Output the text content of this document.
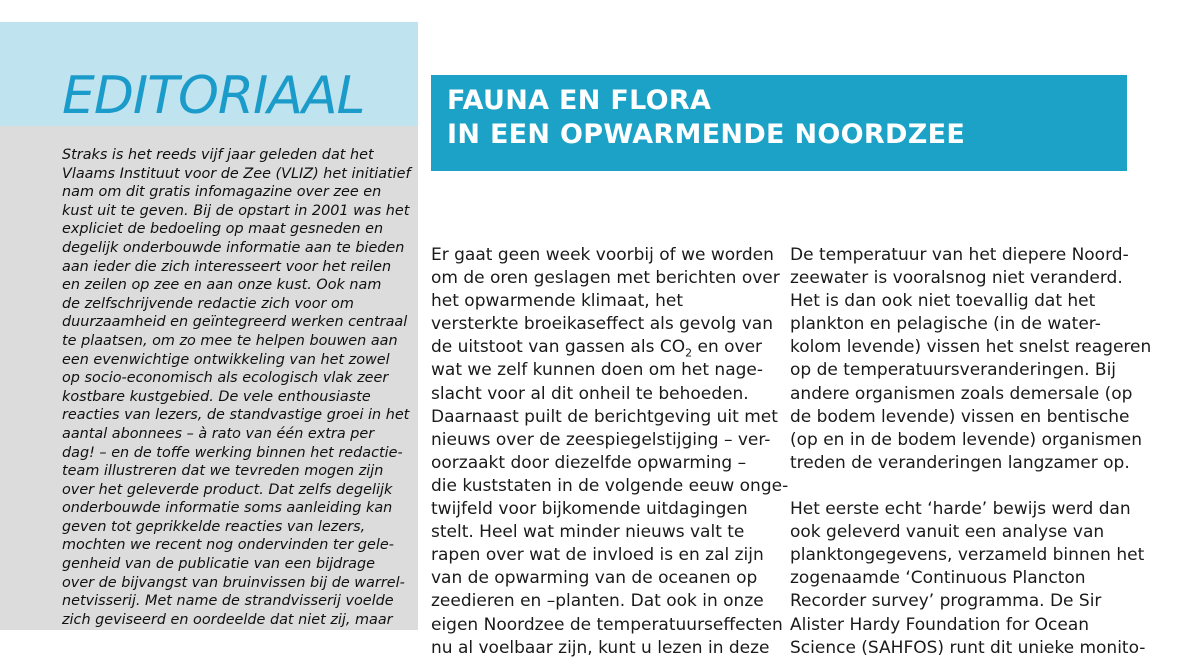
EDITORIAAL
Straks is het reeds vijf jaar geleden dat het
Vlaams Instituut voor de Zee (VLIZ) het initiatief
nam om dit gratis infomagazine over zee en
kust uit te geven. Bij de opstart in 2001 was het
expliciet de bedoeling op maat gesneden en
degelijk onderbouwde informatie aan te bieden
aan ieder die zich interesseert voor het reilen
en zeilen op zee en aan onze kust. Ook nam
de zelfschrijvende redactie zich voor om
duurzaamheid en geïntegreerd werken centraal
te plaatsen, om zo mee te helpen bouwen aan
een evenwichtige ontwikkeling van het zowel
op socio-economisch als ecologisch vlak zeer
kostbare kustgebied. De vele enthousiaste
reacties van lezers, de standvastige groei in het
aantal abonnees – à rato van één extra per
dag! – en de toffe werking binnen het redactie-
team illustreren dat we tevreden mogen zijn
over het geleverde product. Dat zelfs degelijk
onderbouwde informatie soms aanleiding kan
geven tot geprikkelde reacties van lezers,
mochten we recent nog ondervinden ter gele-
genheid van de publicatie van een bijdrage
over de bijvangst van bruinvissen bij de warrel-
netvisserij. Met name de strandvisserij voelde
zich geviseerd en oordeelde dat niet zij, maar
FAUNA EN FLORA
IN EEN OPWARMENDE NOORDZEE
Er gaat geen week voorbij of we worden
om de oren geslagen met berichten over
het opwarmende klimaat, het
versterkte broeikaseffect als gevolg van
de uitstoot van gassen als $CO_2$ en over
wat we zelf kunnen doen om het nage-
slacht voor al dit onheil te behoeden.
Daarnaast puilt de berichtgeving uit met
nieuws over de zeespiegelstijging – ver-
oorzaakt door diezelfde opwarming –
die kuststaten in de volgende eeuw onge-
twijfeld voor bijkomende uitdagingen
stelt. Heel wat minder nieuws valt te
rapen over wat de invloed is en zal zijn
van de opwarming van de oceanen op
zeedieren en –planten. Dat ook in onze
eigen Noordzee de temperatuurseffecten
nu al voelbaar zijn, kunt u lezen in deze
De temperatuur van het diepere Noord-
zeewater is vooralsnog niet veranderd.
Het is dan ook niet toevallig dat het
plankton en pelagische (in de water-
kolom levende) vissen het snelst reageren
op de temperatuursveranderingen. Bij
andere organismen zoals demersale (op
de bodem levende) vissen en bentische
(op en in de bodem levende) organismen
treden de veranderingen langzamer op.
Het eerste echt ‘harde’ bewijs werd dan
ook geleverd vanuit een analyse van
planktongegevens, verzameld binnen het
zogenaamde ‘Continuous Plancton
Recorder survey’ programma. De Sir
Alister Hardy Foundation for Ocean
Science (SAHFOS) runt dit unieke monito-
